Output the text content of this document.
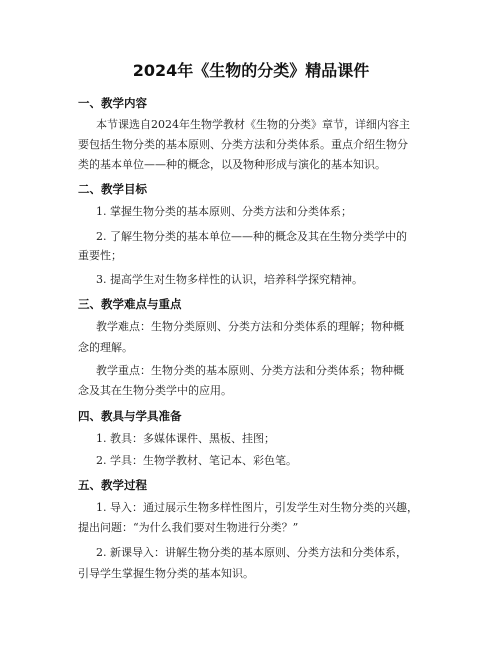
2024年《生物的分类》精品课件
一、教学内容
本节课选自2024年生物学教材《生物的分类》章节，详细内容主
要包括生物分类的基本原则、分类方法和分类体系。重点介绍生物分
类的基本单位——种的概念，以及物种形成与演化的基本知识。
二、教学目标
1. 掌握生物分类的基本原则、分类方法和分类体系；
2. 了解生物分类的基本单位——种的概念及其在生物分类学中的
重要性；
3. 提高学生对生物多样性的认识，培养科学探究精神。
三、教学难点与重点
教学难点：生物分类原则、分类方法和分类体系的理解；物种概
念的理解。
教学重点：生物分类的基本原则、分类方法和分类体系；物种概
念及其在生物分类学中的应用。
四、教具与学具准备
1. 教具：多媒体课件、黑板、挂图；
2. 学具：生物学教材、笔记本、彩色笔。
五、教学过程
1. 导入：通过展示生物多样性图片，引发学生对生物分类的兴趣，
提出问题：“为什么我们要对生物进行分类？”
2. 新课导入：讲解生物分类的基本原则、分类方法和分类体系，
引导学生掌握生物分类的基本知识。
